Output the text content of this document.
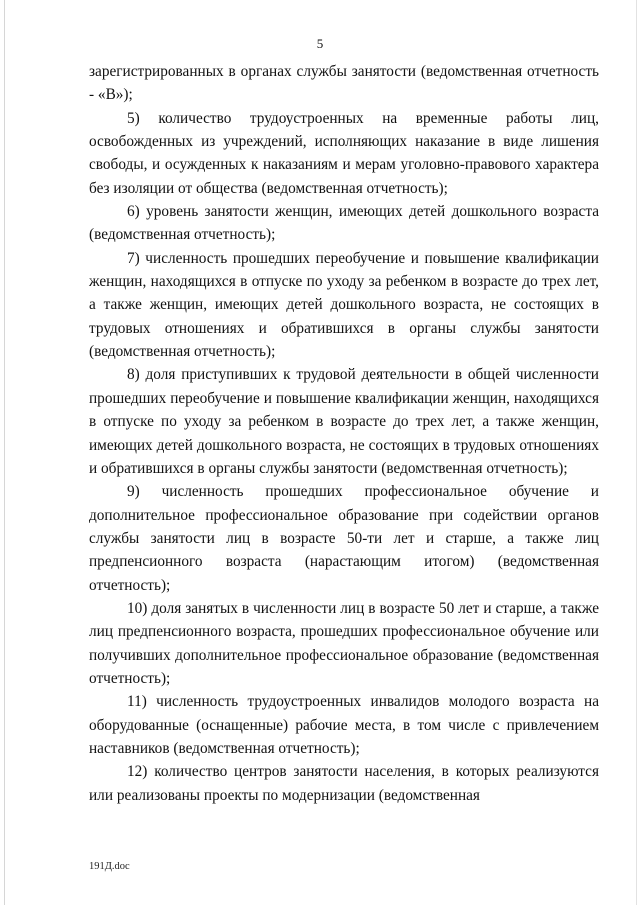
5

зарегистрированных в органах службы занятости (ведомственная отчетность - «В»);

5) количество трудоустроенных на временные работы лиц, освобожденных из учреждений, исполняющих наказание в виде лишения свободы, и осужденных к наказаниям и мерам уголовно-правового характера без изоляции от общества (ведомственная отчетность);

6) уровень занятости женщин, имеющих детей дошкольного возраста (ведомственная отчетность);

7) численность прошедших переобучение и повышение квалификации женщин, находящихся в отпуске по уходу за ребенком в возрасте до трех лет, а также женщин, имеющих детей дошкольного возраста, не состоящих в трудовых отношениях и обратившихся в органы службы занятости (ведомственная отчетность);

8) доля приступивших к трудовой деятельности в общей численности прошедших переобучение и повышение квалификации женщин, находящихся в отпуске по уходу за ребенком в возрасте до трех лет, а также женщин, имеющих детей дошкольного возраста, не состоящих в трудовых отношениях и обратившихся в органы службы занятости (ведомственная отчетность);

9) численность прошедших профессиональное обучение и дополнительное профессиональное образование при содействии органов службы занятости лиц в возрасте 50-ти лет и старше, а также лиц предпенсионного возраста (нарастающим итогом) (ведомственная отчетность);

10) доля занятых в численности лиц в возрасте 50 лет и старше, а также лиц предпенсионного возраста, прошедших профессиональное обучение или получивших дополнительное профессиональное образование (ведомственная отчетность);

11) численность трудоустроенных инвалидов молодого возраста на оборудованные (оснащенные) рабочие места, в том числе с привлечением наставников (ведомственная отчетность);

12) количество центров занятости населения, в которых реализуются или реализованы проекты по модернизации (ведомственная

191Д.doc
